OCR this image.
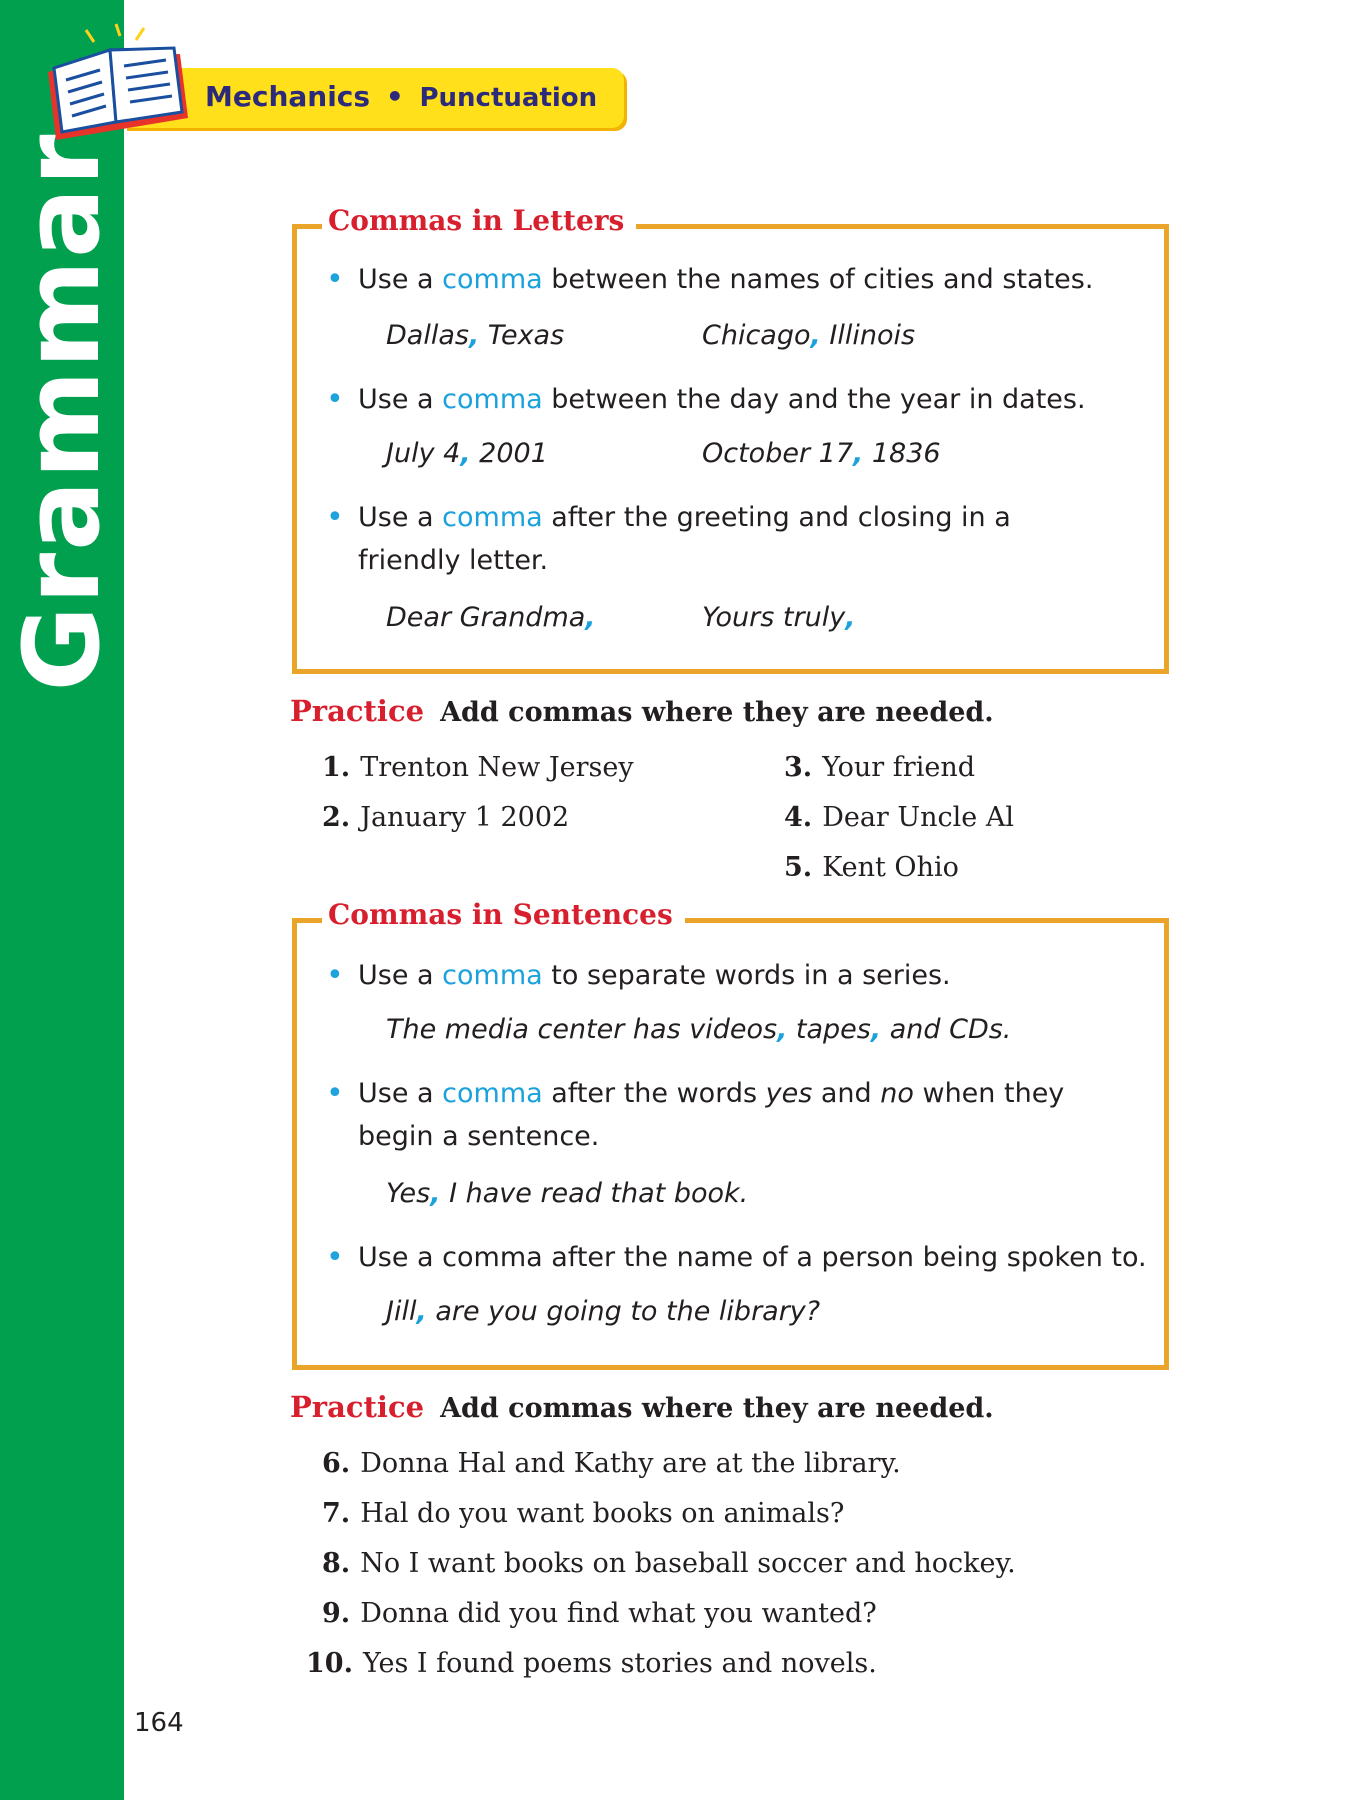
Grammar
Mechanics • Punctuation
Commas in Letters
• Use a comma between the names of cities and states.
Dallas, Texas	Chicago, Illinois
• Use a comma between the day and the year in dates.
July 4, 2001	October 17, 1836
• Use a comma after the greeting and closing in a friendly letter.
Dear Grandma,	Yours truly,
Practice Add commas where they are needed.
1. Trenton New Jersey
2. January 1 2002
3. Your friend
4. Dear Uncle Al
5. Kent Ohio
Commas in Sentences
• Use a comma to separate words in a series.
The media center has videos, tapes, and CDs.
• Use a comma after the words yes and no when they begin a sentence.
Yes, I have read that book.
• Use a comma after the name of a person being spoken to.
Jill, are you going to the library?
Practice Add commas where they are needed.
6. Donna Hal and Kathy are at the library.
7. Hal do you want books on animals?
8. No I want books on baseball soccer and hockey.
9. Donna did you find what you wanted?
10. Yes I found poems stories and novels.
164
